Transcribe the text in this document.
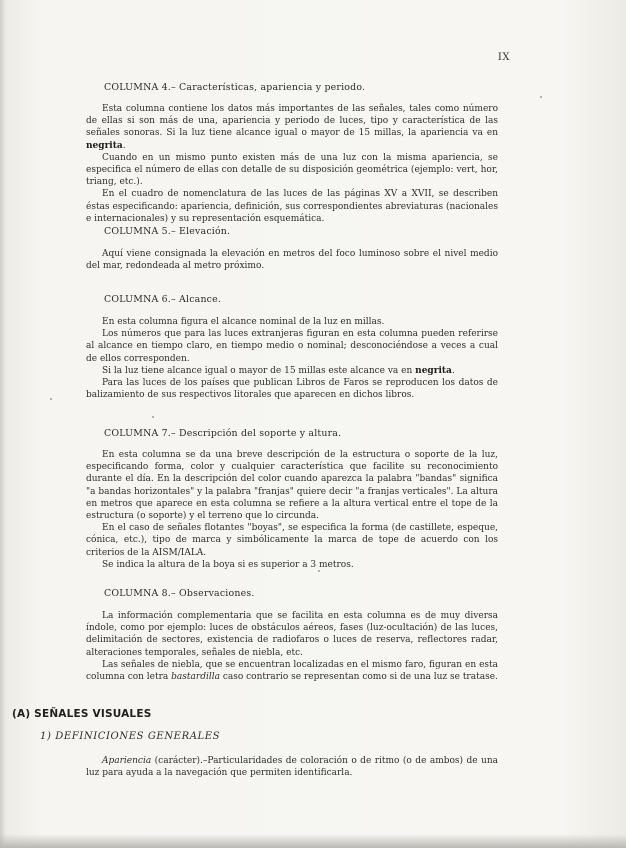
IX
COLUMNA 4.– Características, apariencia y periodo.

Esta columna contiene los datos más importantes de las señales, tales como número de ellas si son más de una, apariencia y periodo de luces, tipo y característica de las señales sonoras. Si la luz tiene alcance igual o mayor de 15 millas, la apariencia va en negrita.

Cuando en un mismo punto existen más de una luz con la misma apariencia, se especifica el número de ellas con detalle de su disposición geométrica (ejemplo: vert, hor, triang, etc.).

En el cuadro de nomenclatura de las luces de las páginas XV a XVII, se describen éstas especificando: apariencia, definición, sus correspondientes abreviaturas (nacionales e internacionales) y su representación esquemática.

COLUMNA 5.– Elevación.

Aquí viene consignada la elevación en metros del foco luminoso sobre el nivel medio del mar, redondeada al metro próximo.

COLUMNA 6.– Alcance.

En esta columna figura el alcance nominal de la luz en millas.

Los números que para las luces extranjeras figuran en esta columna pueden referirse al alcance en tiempo claro, en tiempo medio o nominal; desconociéndose a veces a cual de ellos corresponden.

Si la luz tiene alcance igual o mayor de 15 millas este alcance va en negrita.

Para las luces de los países que publican Libros de Faros se reproducen los datos de balizamiento de sus respectivos litorales que aparecen en dichos libros.

COLUMNA 7.– Descripción del soporte y altura.

En esta columna se da una breve descripción de la estructura o soporte de la luz, especificando forma, color y cualquier característica que facilite su reconocimiento durante el día. En la descripción del color cuando aparezca la palabra "bandas" significa "a bandas horizontales" y la palabra "franjas" quiere decir "a franjas verticales". La altura en metros que aparece en esta columna se refiere a la altura vertical entre el tope de la estructura (o soporte) y el terreno que lo circunda.

En el caso de señales flotantes "boyas", se especifica la forma (de castillete, espeque, cónica, etc.), tipo de marca y simbólicamente la marca de tope de acuerdo con los criterios de la AISM/IALA.

Se indica la altura de la boya si es superior a 3 metros.

COLUMNA 8.– Observaciones.

La información complementaria que se facilita en esta columna es de muy diversa índole, como por ejemplo: luces de obstáculos aéreos, fases (luz-ocultación) de las luces, delimitación de sectores, existencia de radiofaros o luces de reserva, reflectores radar, alteraciones temporales, señales de niebla, etc.

Las señales de niebla, que se encuentran localizadas en el mismo faro, figuran en esta columna con letra bastardilla caso contrario se representan como si de una luz se tratase.

(A) SEÑALES VISUALES
1) DEFINICIONES GENERALES

Apariencia (carácter).–Particularidades de coloración o de ritmo (o de ambos) de una luz para ayuda a la navegación que permiten identificarla.
